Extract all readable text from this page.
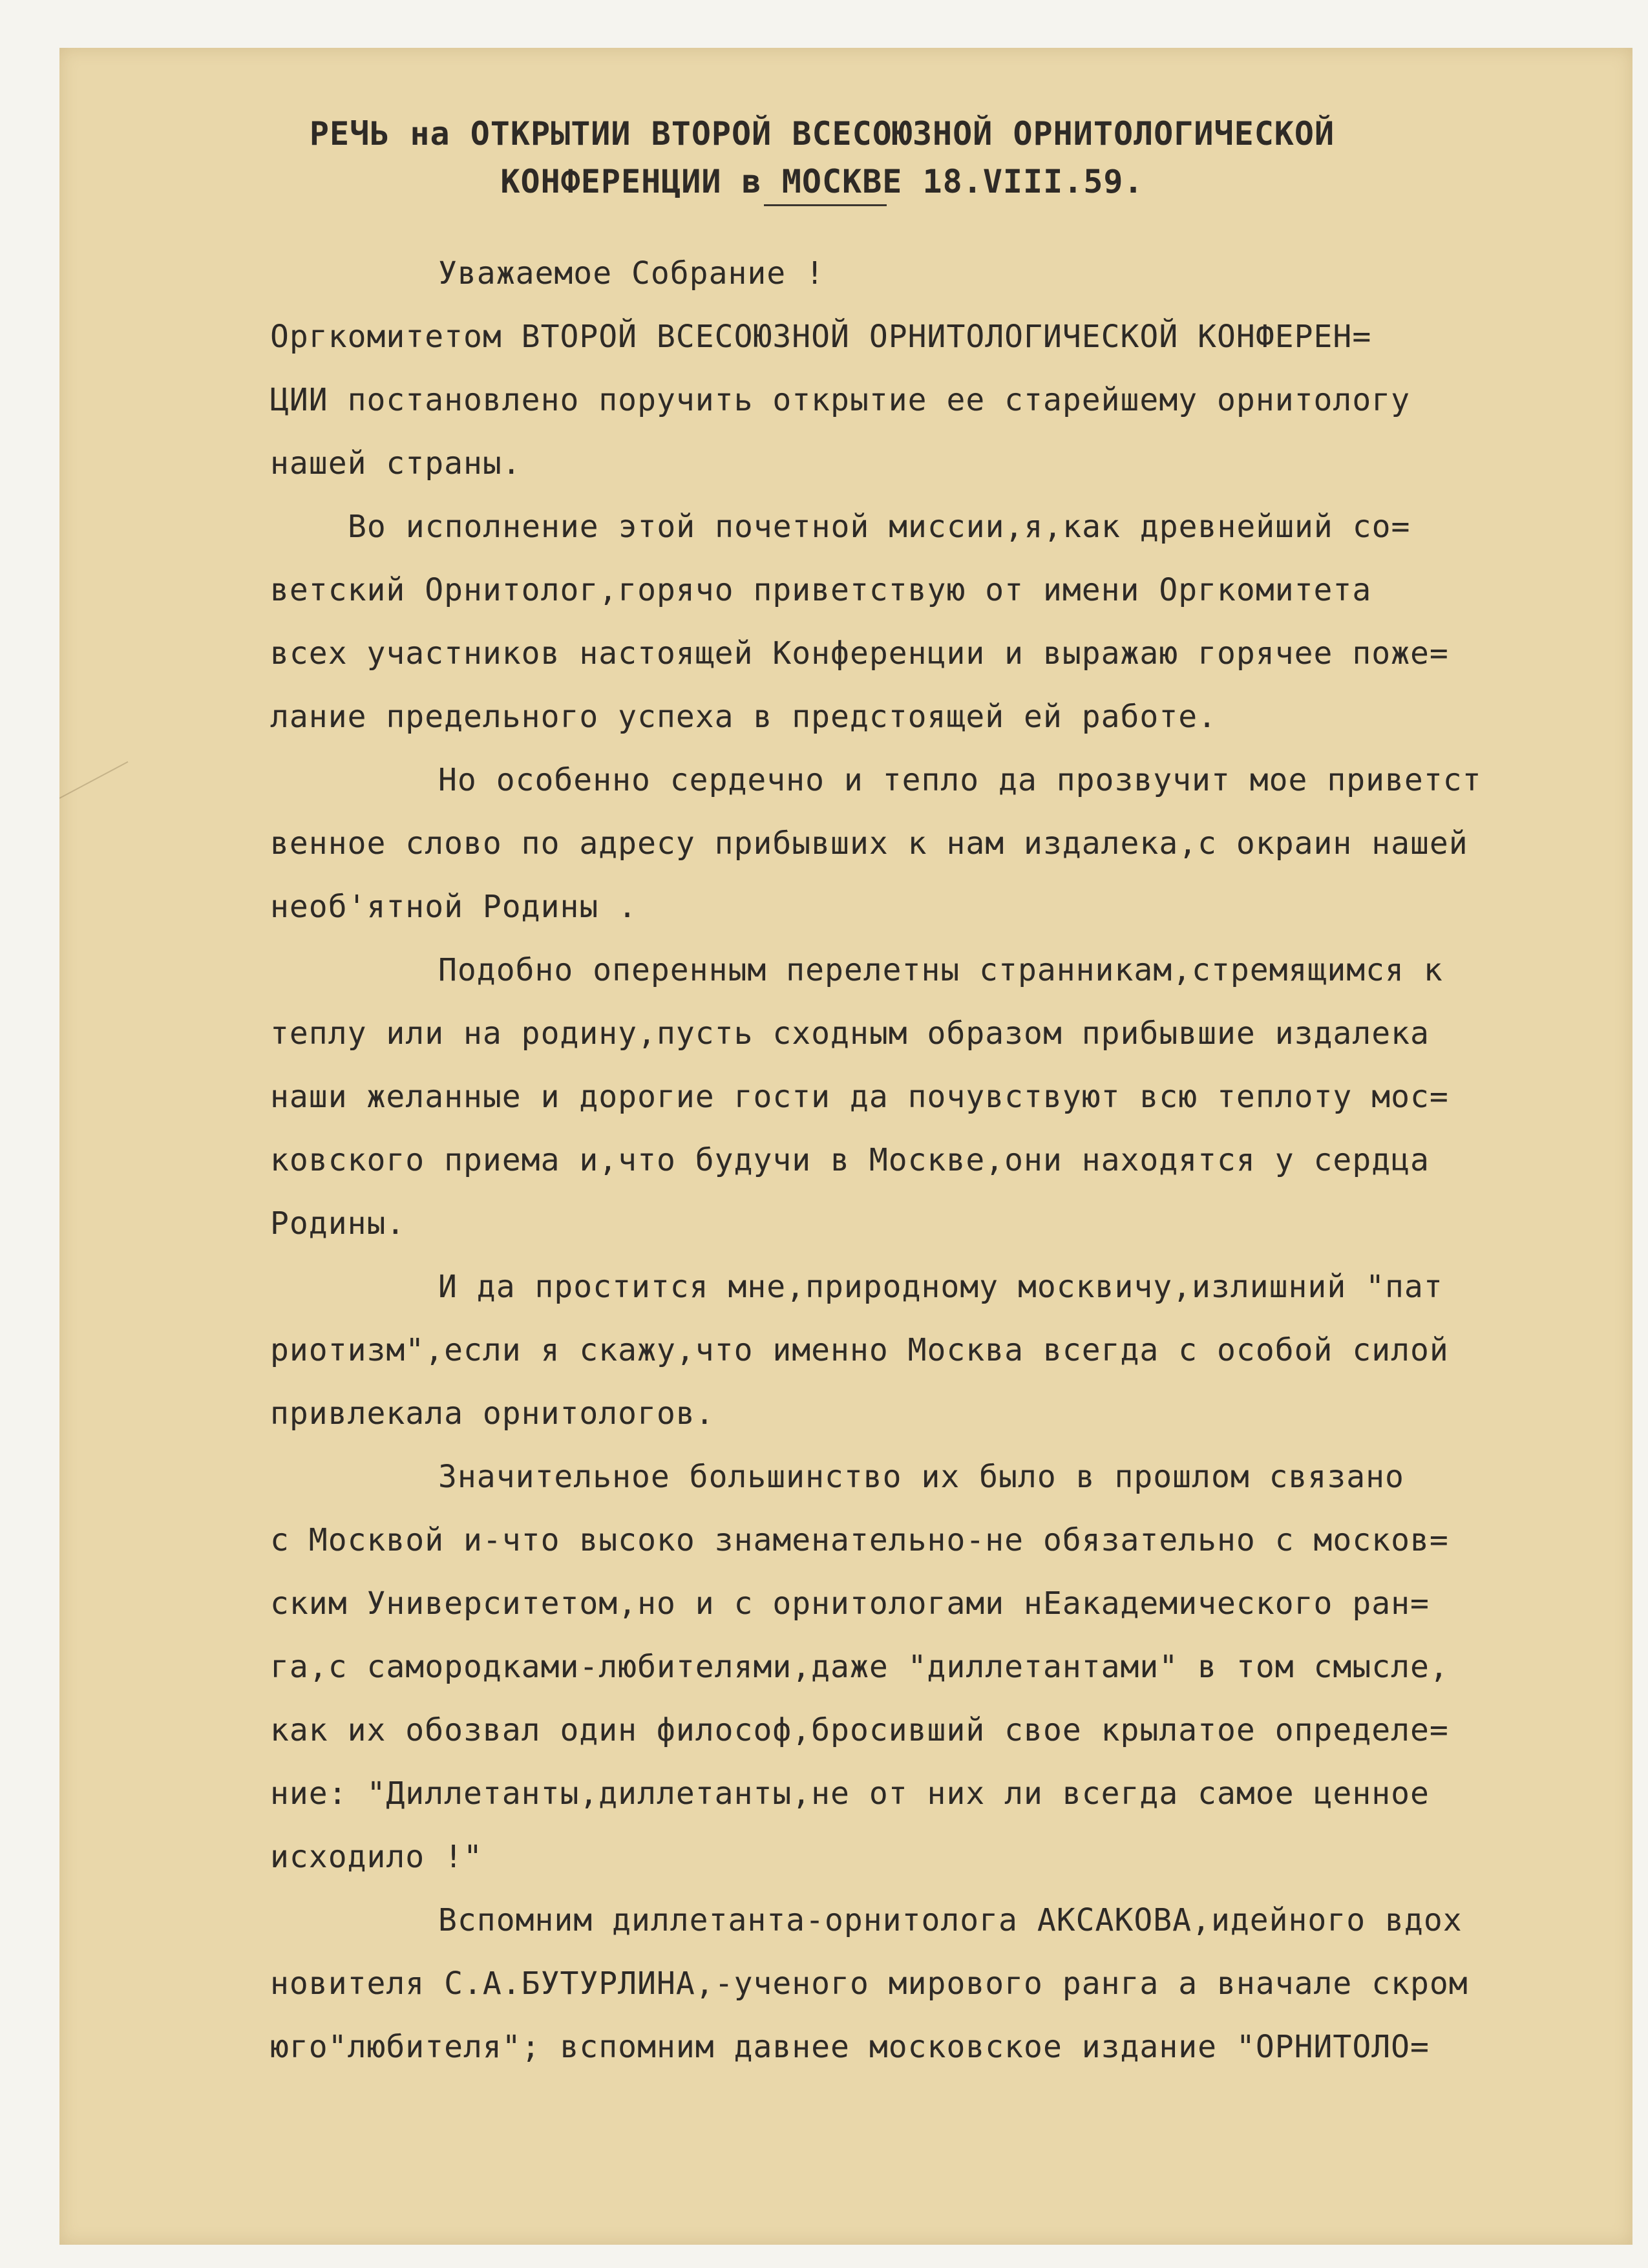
РЕЧЬ на ОТКРЫТИИ ВТОРОЙ ВСЕСОЮЗНОЙ ОРНИТОЛОГИЧЕСКОЙ
КОНФЕРЕНЦИИ в МОСКВЕ 18.VIII.59.
Уважаемое Собрание !
Оргкомитетом ВТОРОЙ ВСЕСОЮЗНОЙ ОРНИТОЛОГИЧЕСКОЙ КОНФЕРЕН=
ЦИИ постановлено поручить открытие ее старейшему орнитологу
нашей страны.
Во исполнение этой почетной миссии,я,как древнейший со=
ветский Орнитолог,горячо приветствую от имени Оргкомитета
всех участников настоящей Конференции и выражаю горячее поже=
лание предельного успеха в предстоящей ей работе.
Но особенно сердечно и тепло да прозвучит мое приветст
венное слово по адресу прибывших к нам издалека,с окраин нашей
необ'ятной Родины .
Подобно оперенным перелетны странникам,стремящимся к
теплу или на родину,пусть сходным образом прибывшие издалека
наши желанные и дорогие гости да почувствуют всю теплоту мос=
ковского приема и,что будучи в Москве,они находятся у сердца
Родины.
И да простится мне,природному москвичу,излишний "пат
риотизм",если я скажу,что именно Москва всегда с особой силой
привлекала орнитологов.
Значительное большинство их было в прошлом связано
с Москвой и-что высоко знаменательно-не обязательно с москов=
ским Университетом,но и с орнитологами нЕакадемического ран=
га,с самородками-любителями,даже "диллетантами" в том смысле,
как их обозвал один философ,бросивший свое крылатое определе=
ние: "Диллетанты,диллетанты,не от них ли всегда самое ценное
исходило !"
Вспомним диллетанта-орнитолога АКСАКОВА,идейного вдох
новителя С.А.БУТУРЛИНА,-ученого мирового ранга а вначале скром
юго"любителя"; вспомним давнее московское издание "ОРНИТОЛО=
